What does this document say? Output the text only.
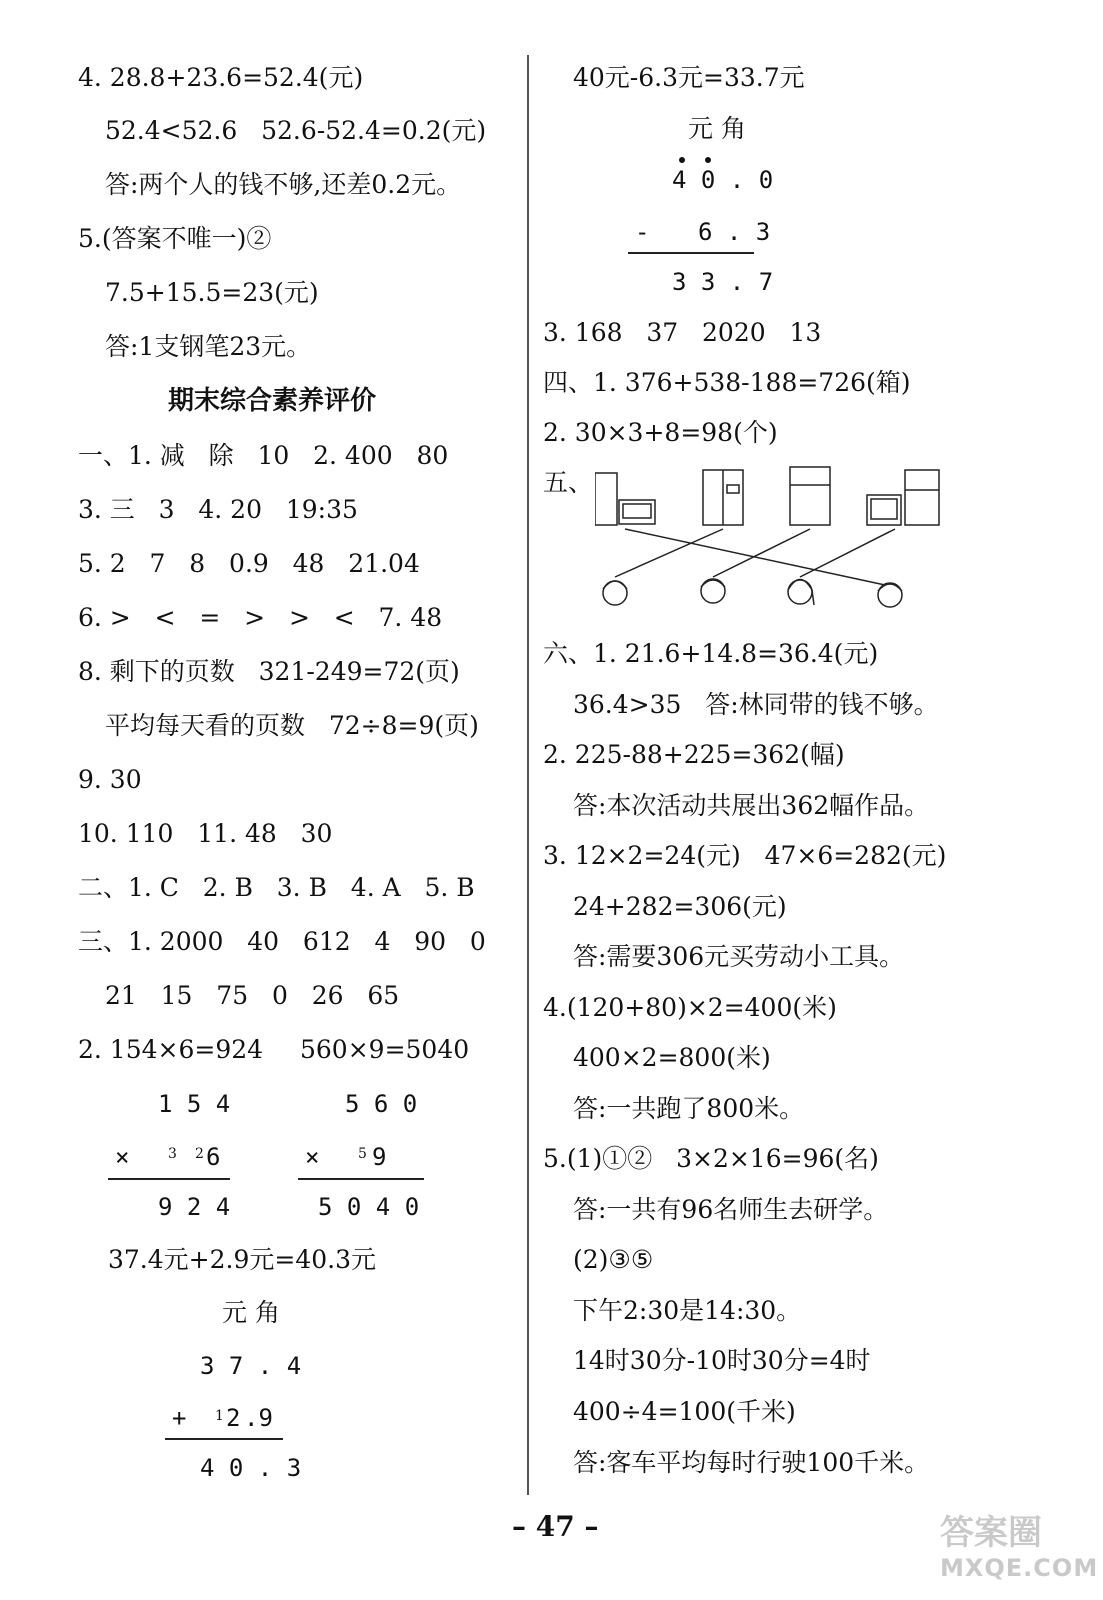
4. 28.8+23.6=52.4(元)
52.4<52.6   52.6-52.4=0.2(元)
答:两个人的钱不够,还差0.2元。
5.(答案不唯一)②
7.5+15.5=23(元)
答:1支钢笔23元。
期末综合素养评价
一、1. 减   除   10   2. 400   80
3. 三   3   4. 20   19:35
5. 2   7   8   0.9   48   21.04
6. >   <   =   >   >   <   7. 48
8. 剩下的页数   321-249=72(页)
平均每天看的页数   72÷8=9(页)
9. 30
10. 110   11. 48   30
二、1. C   2. B   3. B   4. A   5. B
三、1. 2000   40   612   4   90   0
21   15   75   0   26   65
2. 154×6=924 560×9=5040
1 5 4
×	3 2 6
9 2 4
5 6 0
×	5 9
5 0 4 0
37.4元+2.9元=40.3元
元 角
3 7 . 4
+ 1 2 .9
4 0 . 3
40元-6.3元=33.7元
元 角
4 0 . 0
- 6 . 3
3 3 . 7
3. 168   37   2020   13
四、1. 376+538-188=726(箱)
2. 30×3+8=98(个)
五、
六、1. 21.6+14.8=36.4(元)
36.4>35   答:林同带的钱不够。
2. 225-88+225=362(幅)
答:本次活动共展出362幅作品。
3. 12×2=24(元)   47×6=282(元)
24+282=306(元)
答:需要306元买劳动小工具。
4.(120+80)×2=400(米)
400×2=800(米)
答:一共跑了800米。
5.(1)①②   3×2×16=96(名)
答:一共有96名师生去研学。
(2)③⑤
下午2:30是14:30。
14时30分-10时30分=4时
400÷4=100(千米)
答:客车平均每时行驶100千米。
– 47 –	答案圈
MXQE.COM
